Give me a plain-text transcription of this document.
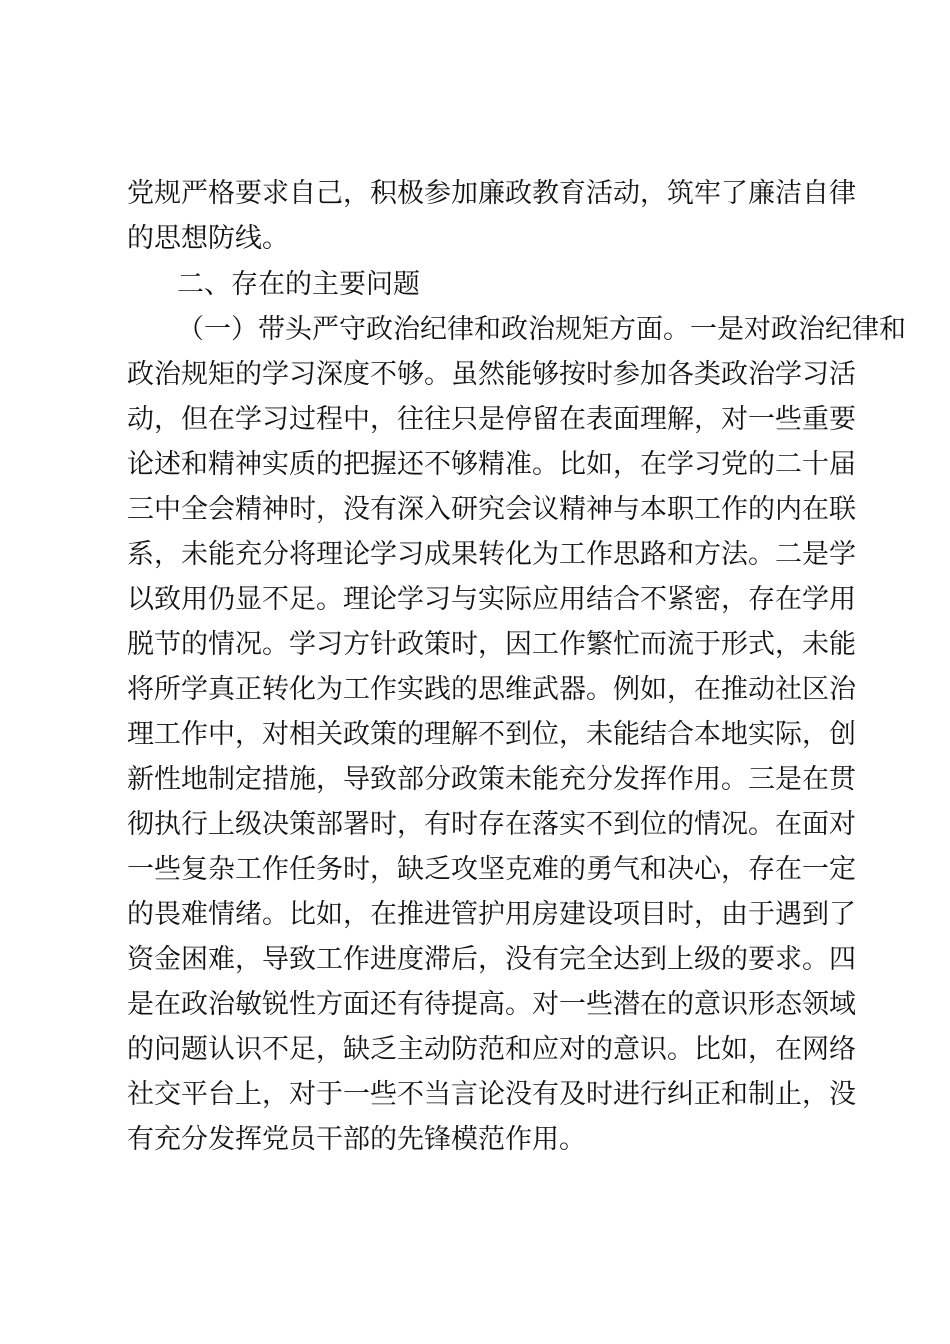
党规严格要求自己，积极参加廉政教育活动，筑牢了廉洁自律
的思想防线。
二、存在的主要问题
（一）带头严守政治纪律和政治规矩方面。一是对政治纪律和
政治规矩的学习深度不够。虽然能够按时参加各类政治学习活
动，但在学习过程中，往往只是停留在表面理解，对一些重要
论述和精神实质的把握还不够精准。比如，在学习党的二十届
三中全会精神时，没有深入研究会议精神与本职工作的内在联
系，未能充分将理论学习成果转化为工作思路和方法。二是学
以致用仍显不足。理论学习与实际应用结合不紧密，存在学用
脱节的情况。学习方针政策时，因工作繁忙而流于形式，未能
将所学真正转化为工作实践的思维武器。例如，在推动社区治
理工作中，对相关政策的理解不到位，未能结合本地实际，创
新性地制定措施，导致部分政策未能充分发挥作用。三是在贯
彻执行上级决策部署时，有时存在落实不到位的情况。在面对
一些复杂工作任务时，缺乏攻坚克难的勇气和决心，存在一定
的畏难情绪。比如，在推进管护用房建设项目时，由于遇到了
资金困难，导致工作进度滞后，没有完全达到上级的要求。四
是在政治敏锐性方面还有待提高。对一些潜在的意识形态领域
的问题认识不足，缺乏主动防范和应对的意识。比如，在网络
社交平台上，对于一些不当言论没有及时进行纠正和制止，没
有充分发挥党员干部的先锋模范作用。
